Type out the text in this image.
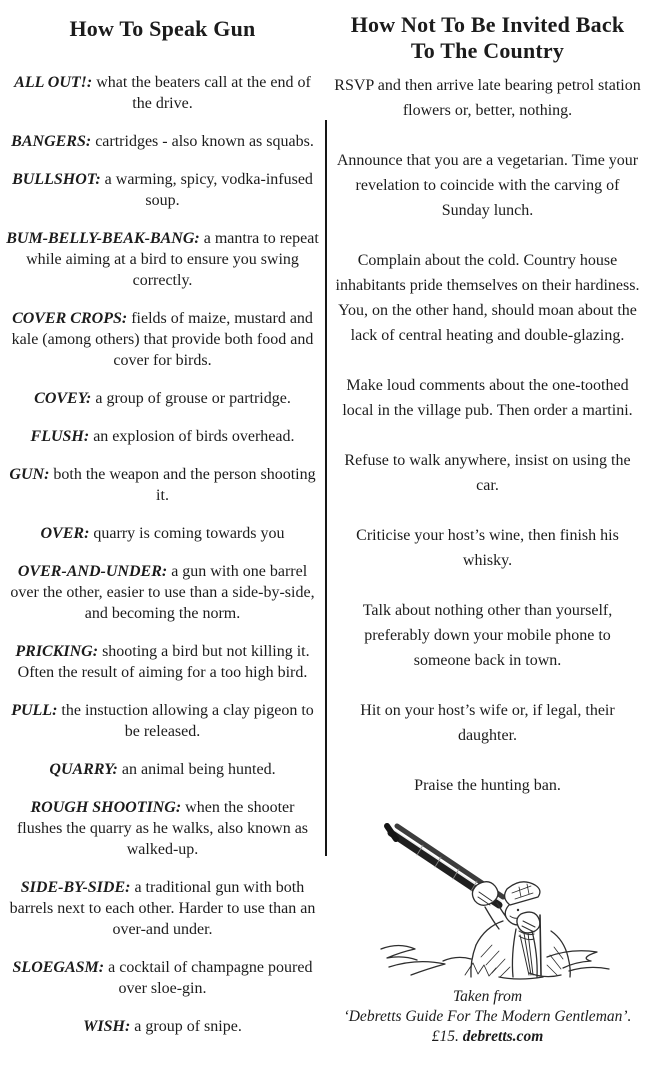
How To Speak Gun

ALL OUT!: what the beaters call at the end of the drive.

BANGERS: cartridges - also known as squabs.

BULLSHOT: a warming, spicy, vodka-infused soup.

BUM-BELLY-BEAK-BANG: a mantra to repeat while aiming at a bird to ensure you swing correctly.

COVER CROPS: fields of maize, mustard and kale (among others) that provide both food and cover for birds.

COVEY: a group of grouse or partridge.

FLUSH: an explosion of birds overhead.

GUN: both the weapon and the person shooting it.

OVER: quarry is coming towards you

OVER-AND-UNDER: a gun with one barrel over the other, easier to use than a side-by-side, and becoming the norm.

PRICKING: shooting a bird but not killing it. Often the result of aiming for a too high bird.

PULL: the instuction allowing a clay pigeon to be released.

QUARRY: an animal being hunted.

ROUGH SHOOTING: when the shooter flushes the quarry as he walks, also known as walked-up.

SIDE-BY-SIDE: a traditional gun with both barrels next to each other. Harder to use than an over-and under.

SLOEGASM: a cocktail of champagne poured over sloe-gin.

WISH: a group of snipe.

How Not To Be Invited Back
To The Country

RSVP and then arrive late bearing petrol station flowers or, better, nothing.

Announce that you are a vegetarian. Time your revelation to coincide with the carving of Sunday lunch.

Complain about the cold. Country house inhabitants pride themselves on their hardiness. You, on the other hand, should moan about the lack of central heating and double-glazing.

Make loud comments about the one-toothed local in the village pub. Then order a martini.

Refuse to walk anywhere, insist on using the car.

Criticise your host’s wine, then finish his whisky.

Talk about nothing other than yourself, preferably down your mobile phone to someone back in town.

Hit on your host’s wife or, if legal, their daughter.

Praise the hunting ban.

Taken from
‘Debretts Guide For The Modern Gentleman’.
£15. debretts.com
